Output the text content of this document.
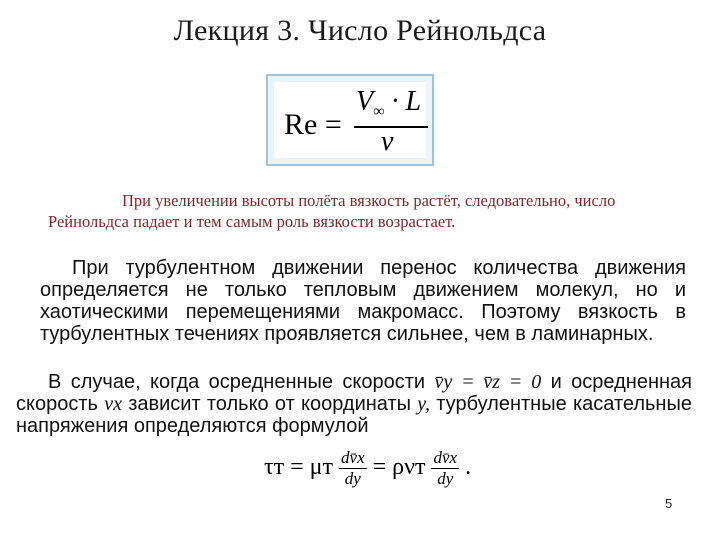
Лекция 3. Число Рейнольдса
Re =
$V_\infty \cdot L$
ν
При увеличении высоты полёта вязкость растёт, следовательно, число Рейнольдса падает и тем самым роль вязкости возрастает.
При турбулентном движении перенос количества движения определяется не только тепловым движением молекул, но и хаотическими перемещениями макромасс. Поэтому вязкость в турбулентных течениях проявляется сильнее, чем в ламинарных.
В случае, когда осредненные скорости v̄y = v̄z = 0 и осредненная скорость vx зависит только от координаты y, турбулентные касательные напряжения определяются формулой
τт = μт $\frac{dv̄x}{dy} = \rho\nu т \frac{dv̄x}{dy}$ .
5
